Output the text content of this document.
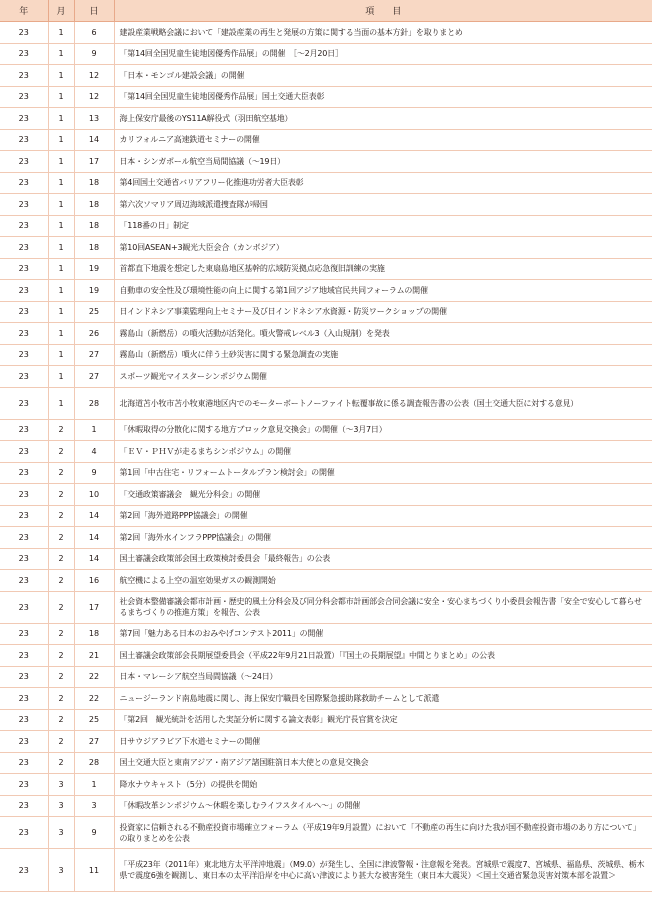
年	月	日	項　　目
23	1	6	建設産業戦略会議において「建設産業の再生と発展の方策に関する当面の基本方針」を取りまとめ
23	1	9	「第14回全国児童生徒地図優秀作品展」の開催　［～2月20日］
23	1	12	「日本・モンゴル建設会議」の開催
23	1	12	「第14回全国児童生徒地図優秀作品展」国土交通大臣表彰
23	1	13	海上保安庁最後のYS11A解役式（羽田航空基地）
23	1	14	カリフォルニア高速鉄道セミナーの開催
23	1	17	日本・シンガポール航空当局間協議（～19日）
23	1	18	第4回国土交通省バリアフリー化推進功労者大臣表彰
23	1	18	第六次ソマリア周辺海域派遣捜査隊が帰国
23	1	18	「118番の日」制定
23	1	18	第10回ASEAN+3観光大臣会合（カンボジア）
23	1	19	首都直下地震を想定した東扇島地区基幹的広域防災拠点応急復旧訓練の実施
23	1	19	自動車の安全性及び環境性能の向上に関する第1回アジア地域官民共同フォーラムの開催
23	1	25	日インドネシア事業監理向上セミナー及び日インドネシア水資源・防災ワークショップの開催
23	1	26	霧島山（新燃岳）の噴火活動が活発化。噴火警戒レベル3（入山規制）を発表
23	1	27	霧島山（新燃岳）噴火に伴う土砂災害に関する緊急調査の実施
23	1	27	スポーツ観光マイスターシンポジウム開催
23	1	28	北海道苫小牧市苫小牧東港地区内でのモーターボートノーファイト転覆事故に係る調査報告書の公表（国土交通大臣に対する意見）
23	2	1	「休暇取得の分散化に関する地方ブロック意見交換会」の開催（～3月7日）
23	2	4	「ＥＶ・ＰＨＶが走るまちシンポジウム」の開催
23	2	9	第1回「中古住宅・リフォームトータルプラン検討会」の開催
23	2	10	「交通政策審議会　観光分科会」の開催
23	2	14	第2回「海外道路PPP協議会」の開催
23	2	14	第2回「海外水インフラPPP協議会」の開催
23	2	14	国土審議会政策部会国土政策検討委員会「最終報告」の公表
23	2	16	航空機による上空の温室効果ガスの観測開始
23	2	17	社会資本整備審議会都市計画・歴史的風土分科会及び同分科会都市計画部会合同会議に安全・安心まちづくり小委員会報告書「安全で安心して暮らせるまちづくりの推進方策」を報告、公表
23	2	18	第7回「魅力ある日本のおみやげコンテスト2011」の開催
23	2	21	国土審議会政策部会長期展望委員会（平成22年9月21日設置）「『国土の長期展望』中間とりまとめ」の公表
23	2	22	日本・マレーシア航空当局間協議（～24日）
23	2	22	ニュージーランド南島地震に関し、海上保安庁職員を国際緊急援助隊救助チームとして派遣
23	2	25	「第2回　観光統計を活用した実証分析に関する論文表彰」観光庁長官賞を決定
23	2	27	日サウジアラビア下水道セミナーの開催
23	2	28	国土交通大臣と東南アジア・南アジア諸国駐箚日本大使との意見交換会
23	3	1	降水ナウキャスト（5分）の提供を開始
23	3	3	「休暇改革シンポジウム～休暇を楽しむライフスタイルへ～」の開催
23	3	9	投資家に信頼される不動産投資市場確立フォーラム（平成19年9月設置）において「不動産の再生に向けた我が国不動産投資市場のあり方について」の取りまとめを公表
23	3	11	「平成23年（2011年）東北地方太平洋沖地震」（M9.0）が発生し、全国に津波警報・注意報を発表。宮城県で震度7、宮城県、福島県、茨城県、栃木県で震度6強を観測し、東日本の太平洋沿岸を中心に高い津波により甚大な被害発生（東日本大震災）＜国土交通省緊急災害対策本部を設置＞
